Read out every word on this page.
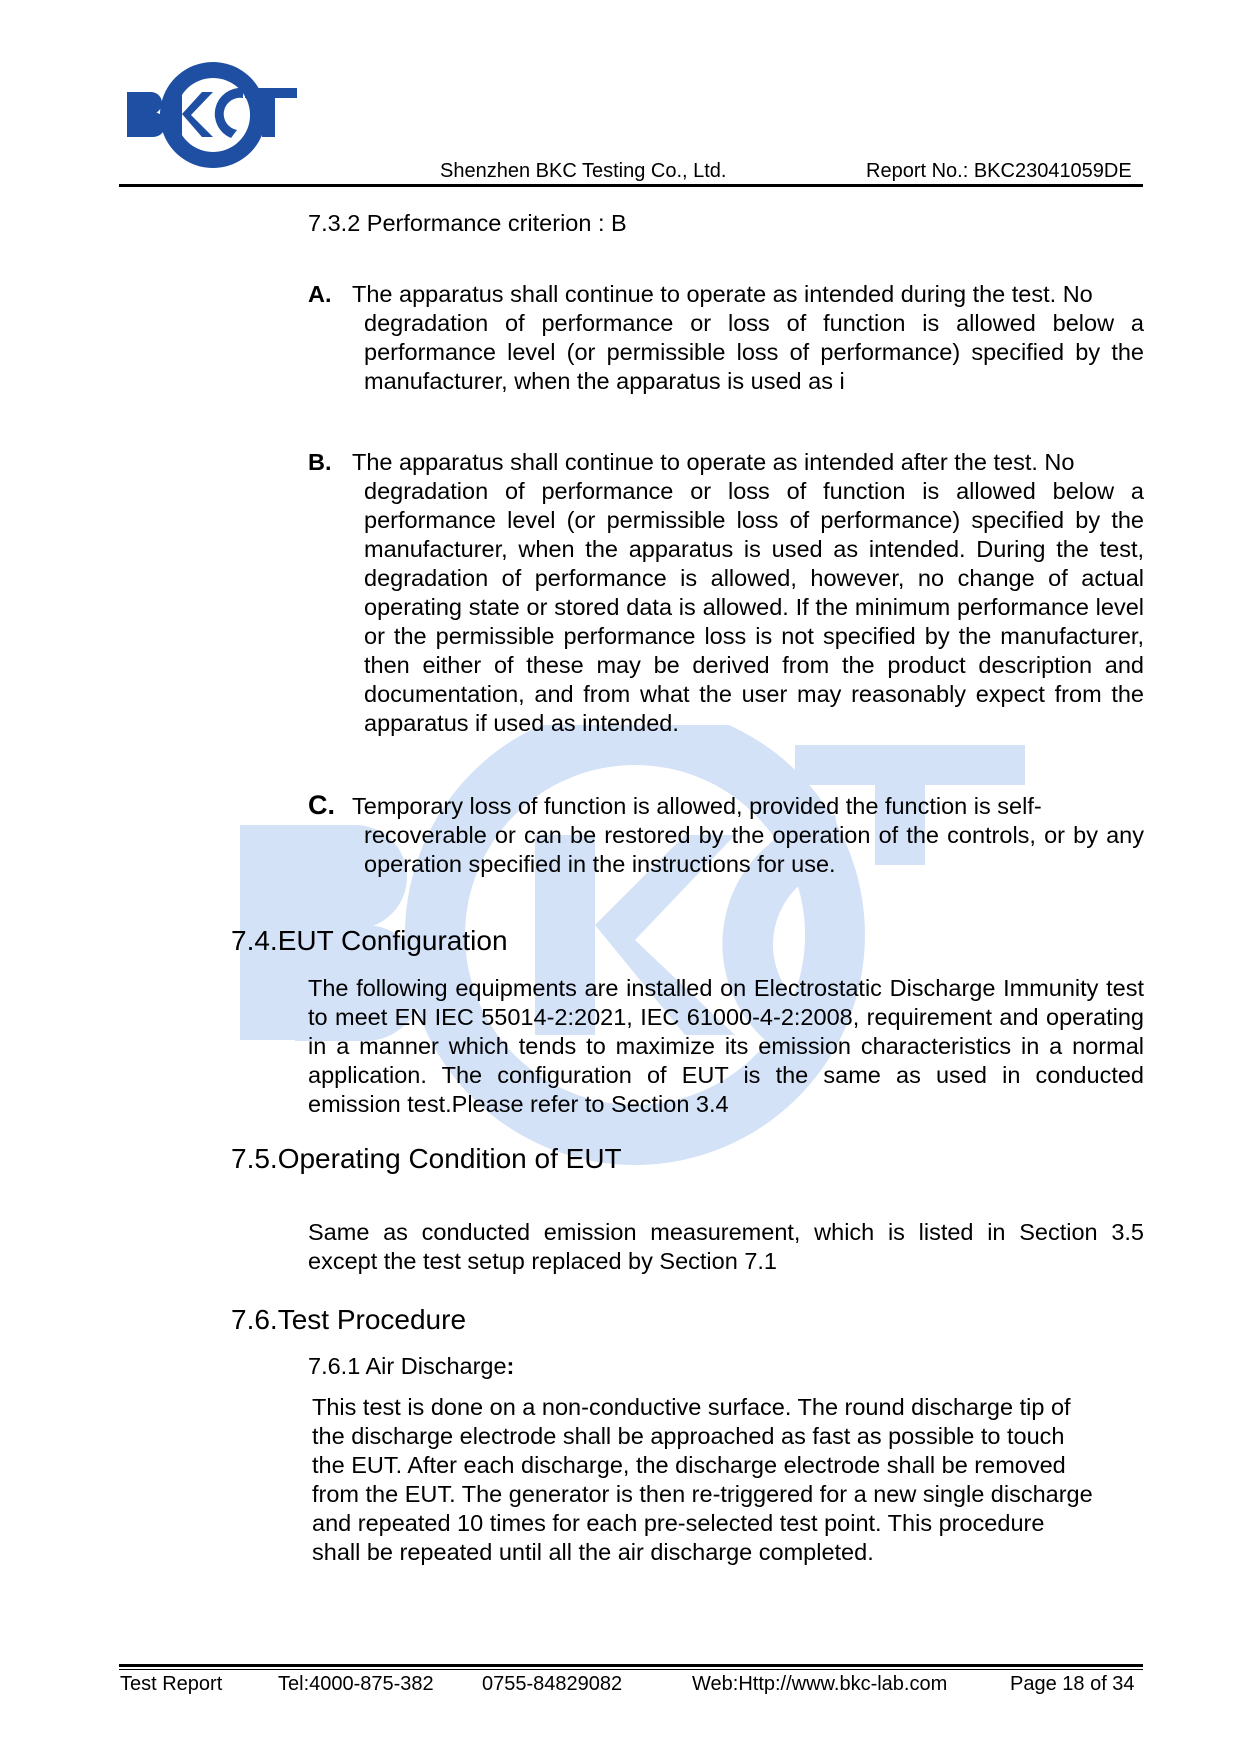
Shenzhen BKC Testing Co., Ltd.	Report No.: BKC23041059DE
7.3.2 Performance criterion : B
A. The apparatus shall continue to operate as intended during the test. No
degradation of performance or loss of function is allowed below a performance level (or permissible loss of performance) specified by the manufacturer, when the apparatus is used as i
B. The apparatus shall continue to operate as intended after the test. No
degradation of performance or loss of function is allowed below a performance level (or permissible loss of performance) specified by the manufacturer, when the apparatus is used as intended. During the test, degradation of performance is allowed, however, no change of actual operating state or stored data is allowed. If the minimum performance level or the permissible performance loss is not specified by the manufacturer, then either of these may be derived from the product description and documentation, and from what the user may reasonably expect from the apparatus if used as intended.
C. Temporary loss of function is allowed, provided the function is self-
recoverable or can be restored by the operation of the controls, or by any operation specified in the instructions for use.
7.4.EUT Configuration
The following equipments are installed on Electrostatic Discharge Immunity test to meet EN IEC 55014-2:2021, IEC 61000-4-2:2008, requirement and operating in a manner which tends to maximize its emission characteristics in a normal application. The configuration of EUT is the same as used in conducted emission test.Please refer to Section 3.4
7.5.Operating Condition of EUT
Same as conducted emission measurement, which is listed in Section 3.5 except the test setup replaced by Section 7.1
7.6.Test Procedure
7.6.1 Air Discharge:
This test is done on a non-conductive surface. The round discharge tip of
the discharge electrode shall be approached as fast as possible to touch
the EUT. After each discharge, the discharge electrode shall be removed
from the EUT. The generator is then re-triggered for a new single discharge
and repeated 10 times for each pre-selected test point. This procedure
shall be repeated until all the air discharge completed.
Test Report	Tel:4000-875-382 0755-84829082	Web:Http://www.bkc-lab.com	Page 18 of 34
